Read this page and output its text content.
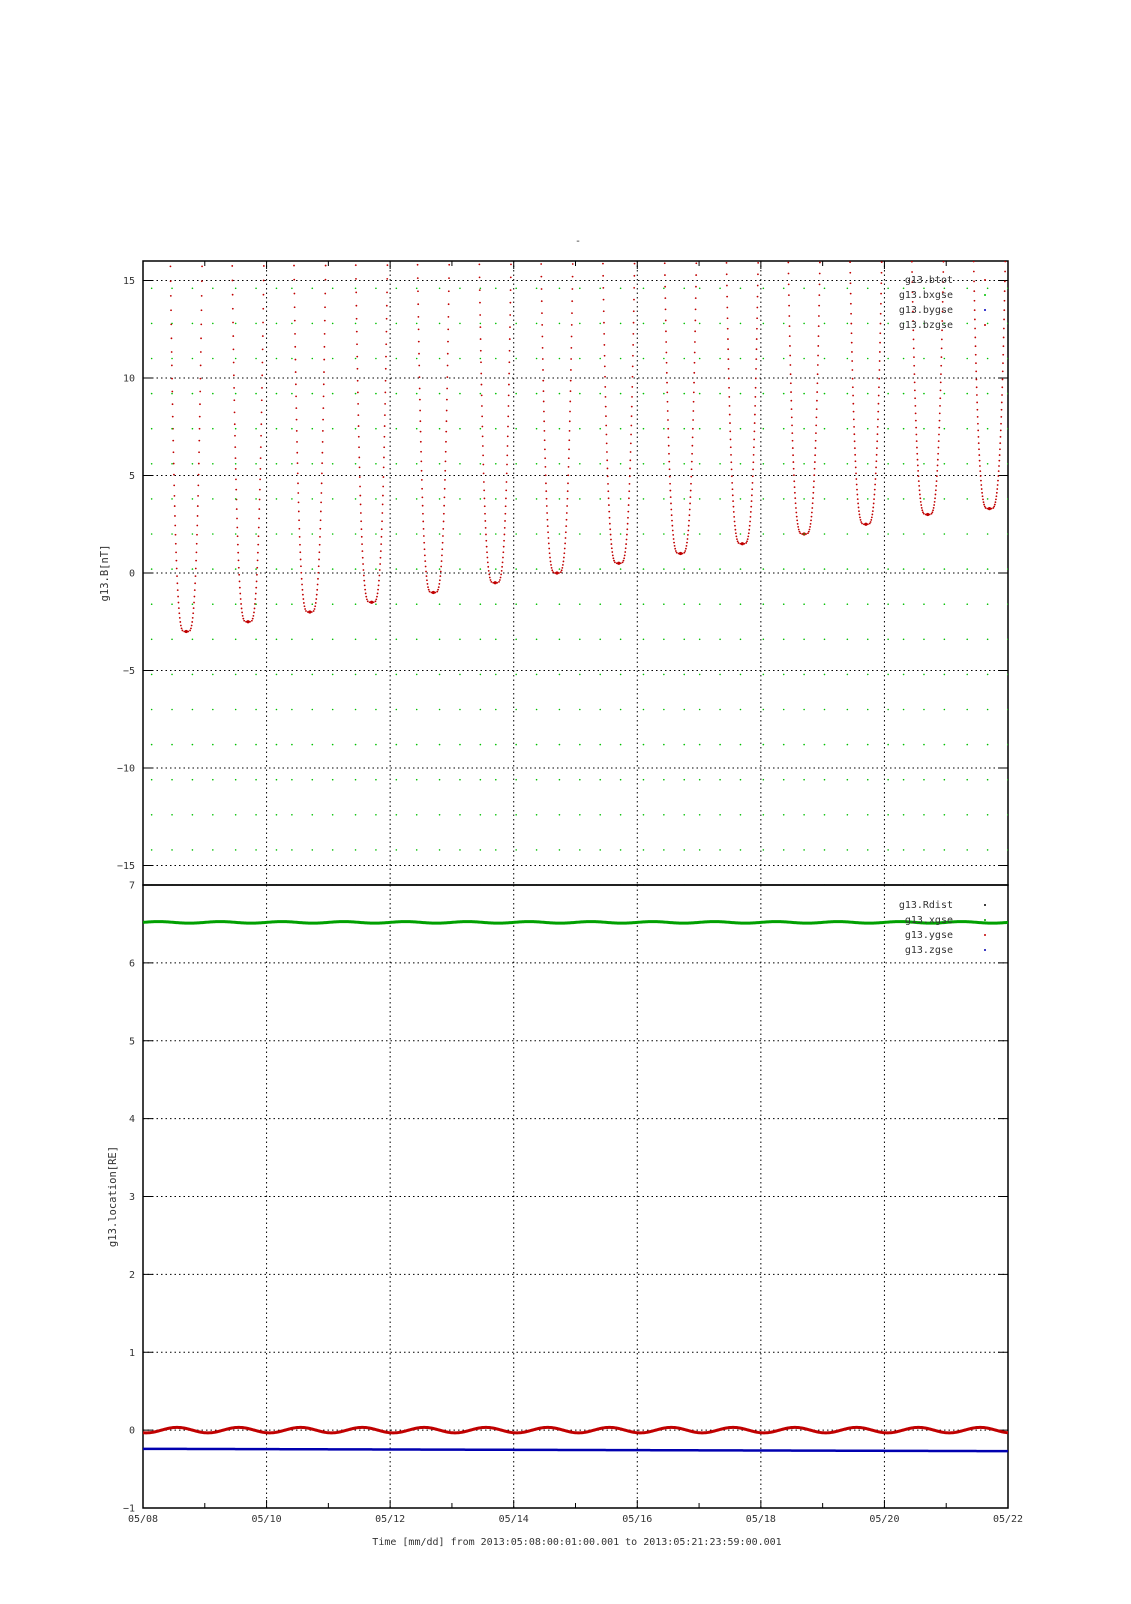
-
15
10
5
0
−5
−10
−15
g13.B[nT]
g13.btot
g13.bxgse
g13.bygse
g13.bzgse
7
6
5
4
3
2
1
0
−1
05/08	05/10	05/12	05/14	05/16	05/18	05/20	05/22
g13.location[RE]
g13.Rdist
g13.xgse
g13.ygse
g13.zgse
Time [mm/dd] from 2013:05:08:00:01:00.001 to 2013:05:21:23:59:00.001
